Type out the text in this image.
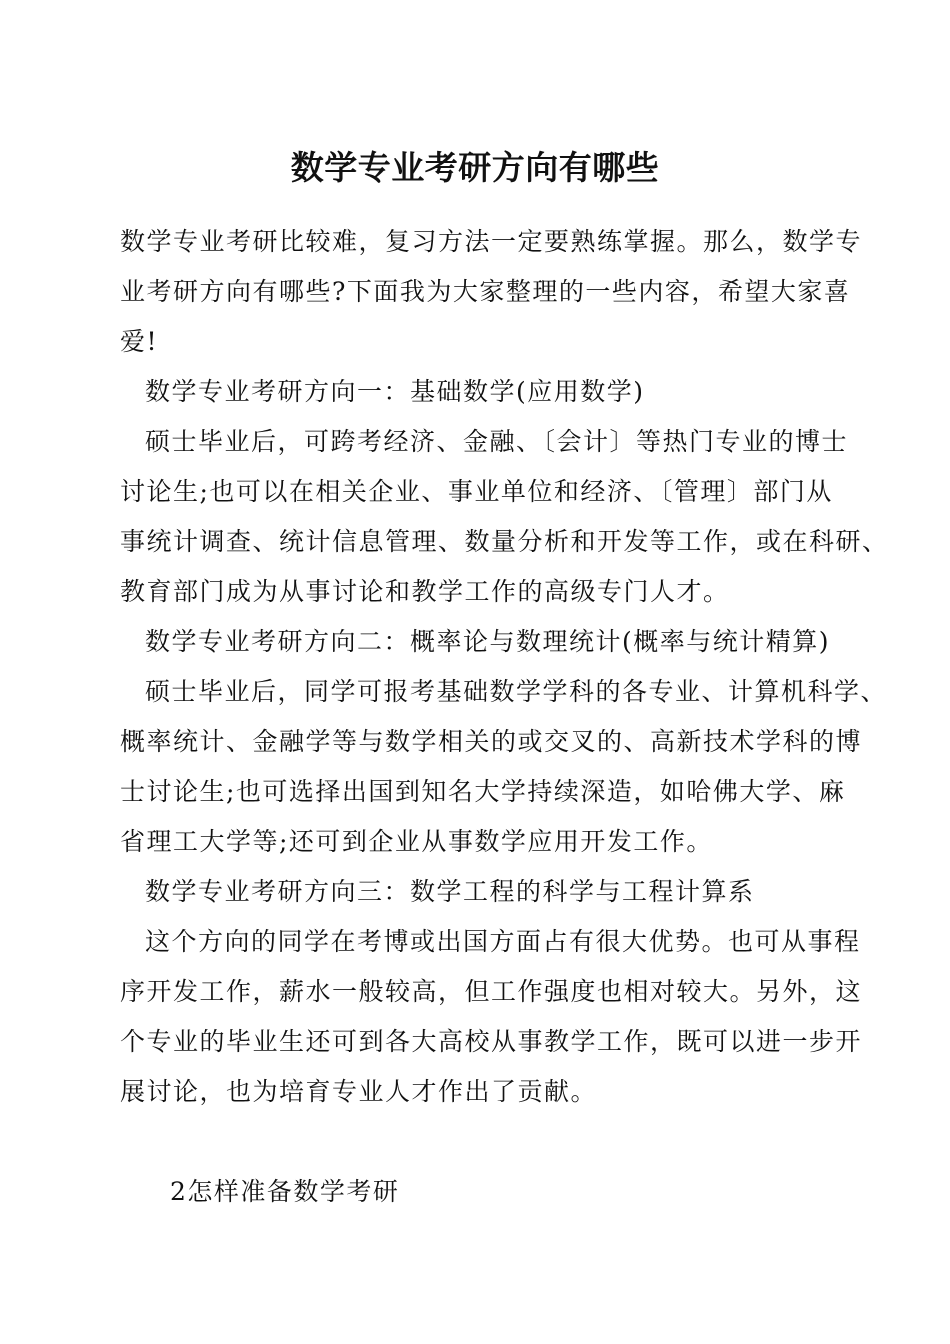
数学专业考研方向有哪些

数学专业考研比较难，复习方法一定要熟练掌握。那么，数学专

业考研方向有哪些?下面我为大家整理的一些内容，希望大家喜

爱!

数学专业考研方向一：基础数学(应用数学)

硕士毕业后，可跨考经济、金融、〔会计〕等热门专业的博士

讨论生;也可以在相关企业、事业单位和经济、〔管理〕部门从

事统计调查、统计信息管理、数量分析和开发等工作，或在科研、

教育部门成为从事讨论和教学工作的高级专门人才。

数学专业考研方向二：概率论与数理统计(概率与统计精算)

硕士毕业后，同学可报考基础数学学科的各专业、计算机科学、

概率统计、金融学等与数学相关的或交叉的、高新技术学科的博

士讨论生;也可选择出国到知名大学持续深造，如哈佛大学、麻

省理工大学等;还可到企业从事数学应用开发工作。

数学专业考研方向三：数学工程的科学与工程计算系

这个方向的同学在考博或出国方面占有很大优势。也可从事程

序开发工作，薪水一般较高，但工作强度也相对较大。另外，这

个专业的毕业生还可到各大高校从事教学工作，既可以进一步开

展讨论，也为培育专业人才作出了贡献。

2怎样准备数学考研
